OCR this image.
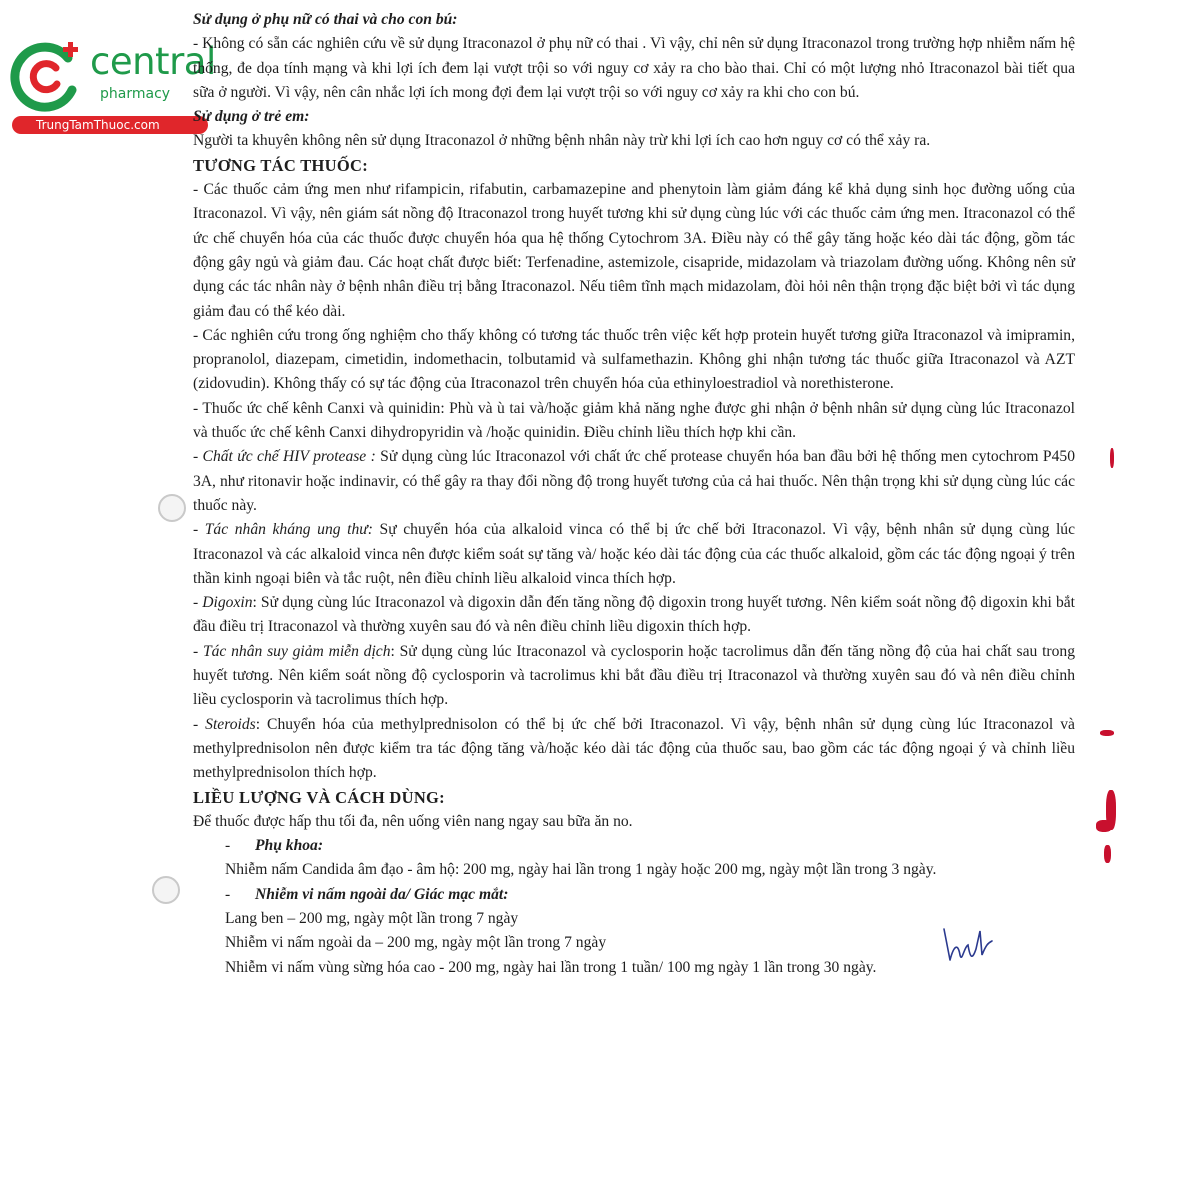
central
pharmacy
TrungTamThuoc.com

Sử dụng ở phụ nữ có thai và cho con bú:

- Không có sẵn các nghiên cứu về sử dụng Itraconazol ở phụ nữ có thai . Vì vậy, chỉ nên sử dụng Itraconazol trong trường hợp nhiễm nấm hệ thống, đe dọa tính mạng và khi lợi ích đem lại vượt trội so với nguy cơ xảy ra cho bào thai. Chỉ có một lượng nhỏ Itraconazol bài tiết qua sữa ở người. Vì vậy, nên cân nhắc lợi ích mong đợi đem lại vượt trội so với nguy cơ xảy ra khi cho con bú.

Sử dụng ở trẻ em:

Người ta khuyên không nên sử dụng Itraconazol ở những bệnh nhân này trừ khi lợi ích cao hơn nguy cơ có thể xảy ra.

TƯƠNG TÁC THUỐC:

- Các thuốc cảm ứng men như rifampicin, rifabutin, carbamazepine and phenytoin làm giảm đáng kể khả dụng sinh học đường uống của Itraconazol. Vì vậy, nên giám sát nồng độ Itraconazol trong huyết tương khi sử dụng cùng lúc với các thuốc cảm ứng men. Itraconazol có thể ức chế chuyển hóa của các thuốc được chuyển hóa qua hệ thống Cytochrom 3A. Điều này có thể gây tăng hoặc kéo dài tác động, gồm tác động gây ngủ và giảm đau. Các hoạt chất được biết: Terfenadine, astemizole, cisapride, midazolam và triazolam đường uống. Không nên sử dụng các tác nhân này ở bệnh nhân điều trị bằng Itraconazol. Nếu tiêm tĩnh mạch midazolam, đòi hỏi nên thận trọng đặc biệt bởi vì tác dụng giảm đau có thể kéo dài.

- Các nghiên cứu trong ống nghiệm cho thấy không có tương tác thuốc trên việc kết hợp protein huyết tương giữa Itraconazol và imipramin, propranolol, diazepam, cimetidin, indomethacin, tolbutamid và sulfamethazin. Không ghi nhận tương tác thuốc giữa Itraconazol và AZT (zidovudin). Không thấy có sự tác động của Itraconazol trên chuyển hóa của ethinyloestradiol và norethisterone.

- Thuốc ức chế kênh Canxi và quinidin: Phù và ù tai và/hoặc giảm khả năng nghe được ghi nhận ở bệnh nhân sử dụng cùng lúc Itraconazol và thuốc ức chế kênh Canxi dihydropyridin và /hoặc quinidin. Điều chỉnh liều thích hợp khi cần.

- Chất ức chế HIV protease : Sử dụng cùng lúc Itraconazol với chất ức chế protease chuyển hóa ban đầu bởi hệ thống men cytochrom P450 3A, như ritonavir hoặc indinavir, có thể gây ra thay đổi nồng độ trong huyết tương của cả hai thuốc. Nên thận trọng khi sử dụng cùng lúc các thuốc này.

- Tác nhân kháng ung thư: Sự chuyển hóa của alkaloid vinca có thể bị ức chế bởi Itraconazol. Vì vậy, bệnh nhân sử dụng cùng lúc Itraconazol và các alkaloid vinca nên được kiểm soát sự tăng và/ hoặc kéo dài tác động của các thuốc alkaloid, gồm các tác động ngoại ý trên thần kinh ngoại biên và tắc ruột, nên điều chỉnh liều alkaloid vinca thích hợp.

- Digoxin: Sử dụng cùng lúc Itraconazol và digoxin dẫn đến tăng nồng độ digoxin trong huyết tương. Nên kiểm soát nồng độ digoxin khi bắt đầu điều trị Itraconazol và thường xuyên sau đó và nên điều chỉnh liều digoxin thích hợp.

- Tác nhân suy giảm miễn dịch: Sử dụng cùng lúc Itraconazol và cyclosporin hoặc tacrolimus dẫn đến tăng nồng độ của hai chất sau trong huyết tương. Nên kiểm soát nồng độ cyclosporin và tacrolimus khi bắt đầu điều trị Itraconazol và thường xuyên sau đó và nên điều chỉnh liều cyclosporin và tacrolimus thích hợp.

- Steroids: Chuyển hóa của methylprednisolon có thể bị ức chế bởi Itraconazol. Vì vậy, bệnh nhân sử dụng cùng lúc Itraconazol và methylprednisolon nên được kiểm tra tác động tăng và/hoặc kéo dài tác động của thuốc sau, bao gồm các tác động ngoại ý và chỉnh liều methylprednisolon thích hợp.

LIỀU LƯỢNG VÀ CÁCH DÙNG:

Để thuốc được hấp thu tối đa, nên uống viên nang ngay sau bữa ăn no.

- Phụ khoa:

Nhiễm nấm Candida âm đạo - âm hộ: 200 mg, ngày hai lần trong 1 ngày hoặc 200 mg, ngày một lần trong 3 ngày.

- Nhiễm vi nấm ngoài da/ Giác mạc mắt:

Lang ben – 200 mg, ngày một lần trong 7 ngày

Nhiễm vi nấm ngoài da – 200 mg, ngày một lần trong 7 ngày

Nhiễm vi nấm vùng sừng hóa cao - 200 mg, ngày hai lần trong 1 tuần/ 100 mg ngày 1 lần trong 30 ngày.
